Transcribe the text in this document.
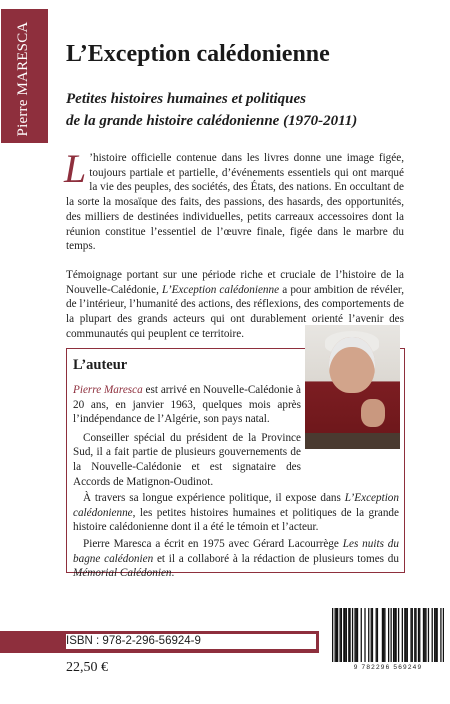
Pierre MARESCA	L’Exception calédonienne
Petites histoires humaines et politiques
de la grande histoire calédonienne (1970-2011)

L ’histoire officielle contenue dans les livres donne une image figée, toujours partiale et partielle, d’événements essentiels qui ont marqué la vie des peuples, des sociétés, des États, des nations. En occultant de la sorte la mosaïque des faits, des passions, des hasards, des opportunités, des milliers de destinées individuelles, petits carreaux accessoires dont la réunion constitue l’essentiel de l’œuvre finale, figée dans le marbre du temps.

Témoignage portant sur une période riche et cruciale de l’histoire de la Nouvelle-Calédonie, L’Exception calédonienne a pour ambition de révéler, de l’intérieur, l’humanité des actions, des réflexions, des comportements de la plupart des grands acteurs qui ont durablement orienté l’avenir des communautés qui peuplent ce territoire.

L’auteur

Pierre Maresca est arrivé en Nouvelle-Calédonie à 20 ans, en janvier 1963, quelques mois après l’indépendance de l’Algérie, son pays natal.

Conseiller spécial du président de la Province Sud, il a fait partie de plusieurs gouvernements de la Nouvelle-Calédonie et est signataire des Accords de Matignon-Oudinot.

À travers sa longue expérience politique, il expose dans L’Exception calédonienne, les petites histoires humaines et politiques de la grande histoire calédonienne dont il a été le témoin et l’acteur.

Pierre Maresca a écrit en 1975 avec Gérard Lacourrège Les nuits du bagne calédonien et il a collaboré à la rédaction de plusieurs tomes du Mémorial Calédonien.

ISBN : 978-2-296-56924-9
22,50 €	9 782296 569249
